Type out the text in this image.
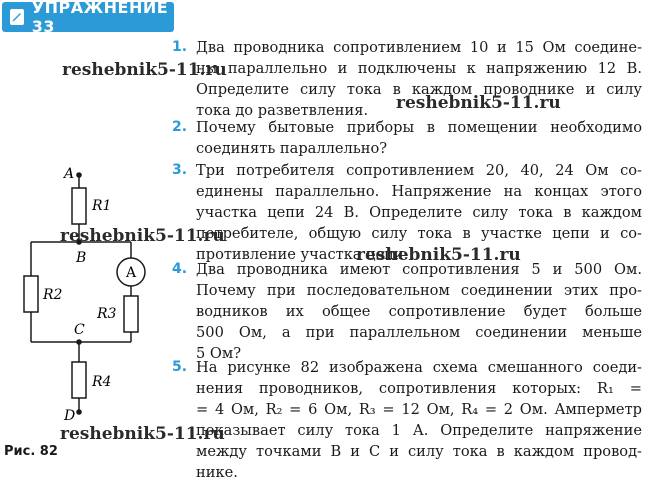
УПРАЖНЕНИЕ 33
1. Два проводника сопротивлением 10 и 15 Ом соедине-
ны параллельно и подключены к напряжению 12 В.
Определите силу тока в каждом проводнике и силу
тока до разветвления.
2. Почему бытовые приборы в помещении необходимо
соединять параллельно?
3. Три потребителя сопротивлением 20, 40, 24 Ом со-
единены параллельно. Напряжение на концах этого
участка цепи 24 В. Определите силу тока в каждом
потребителе, общую силу тока в участке цепи и со-
противление участка цепи.
4. Два проводника имеют сопротивления 5 и 500 Ом.
Почему при последовательном соединении этих про-
водников их общее сопротивление будет больше
500 Ом, а при параллельном соединении меньше
5 Ом?
5. На рисунке 82 изображена схема смешанного соеди-
нения проводников, сопротивления которых: R₁ =
= 4 Ом, R₂ = 6 Ом, R₃ = 12 Ом, R₄ = 2 Ом. Амперметр
показывает силу тока 1 А. Определите напряжение
между точками B и C и силу тока в каждом провод-
нике.
A
B
C
D
R1
R2
R3
R4
A
Рис. 82
reshebnik5-11.ru
reshebnik5-11.ru
reshebnik5-11.ru
reshebnik5-11.ru
reshebnik5-11.ru
